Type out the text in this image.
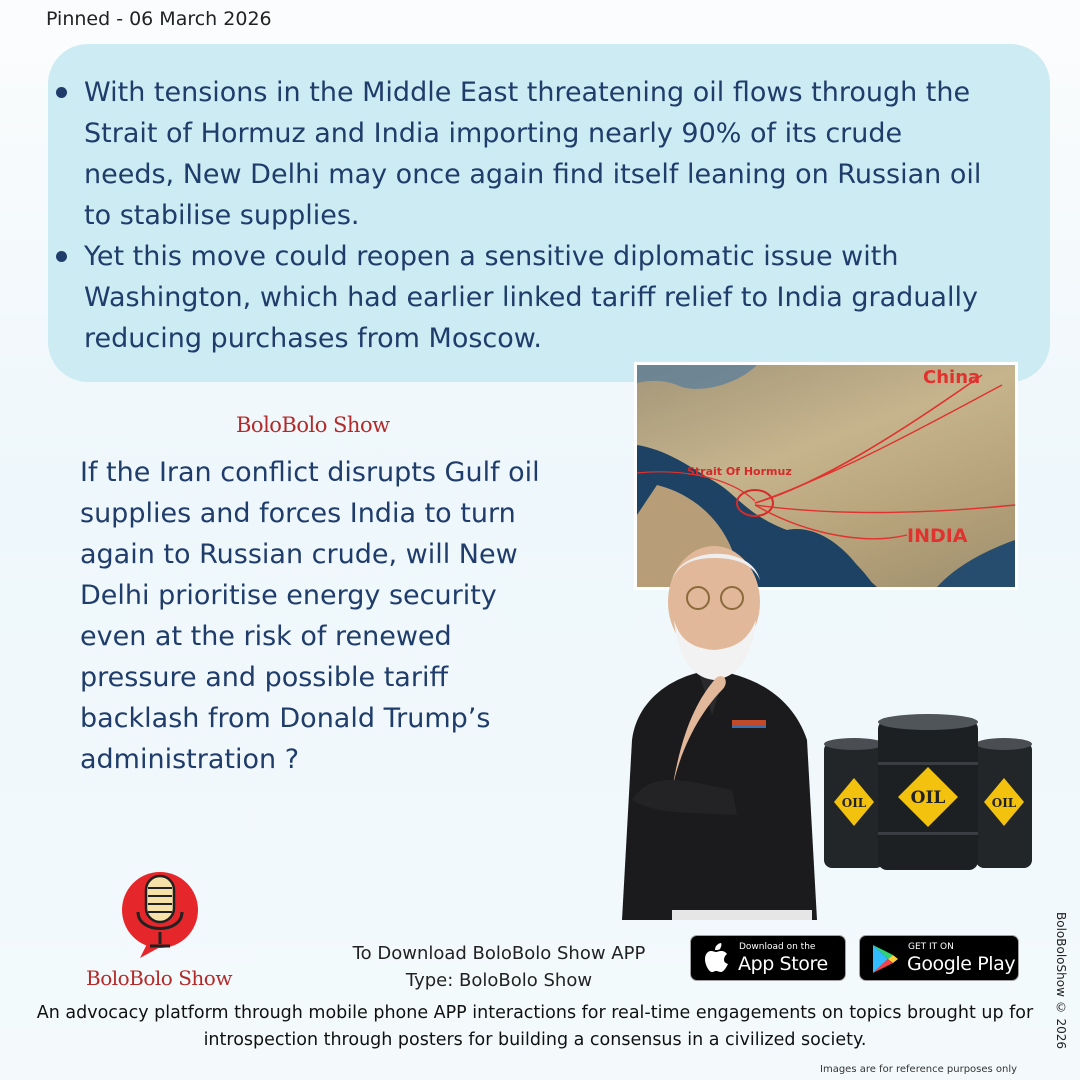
Pinned - 06 March 2026
With tensions in the Middle East threatening oil flows through the Strait of Hormuz and India importing nearly 90% of its crude needs, New Delhi may once again find itself leaning on Russian oil to stabilise supplies.
Yet this move could reopen a sensitive diplomatic issue with Washington, which had earlier linked tariff relief to India gradually reducing purchases from Moscow.
BoloBolo Show

If the Iran conflict disrupts Gulf oil supplies and forces India to turn again to Russian crude, will New Delhi prioritise energy security even at the risk of renewed pressure and possible tariff backlash from Donald Trump’s administration ?

China
Strait Of Hormuz
INDIA
OIL
OIL	OIL
BoloBolo Show
To Download BoloBolo Show APP
Type: BoloBolo Show
Download on the
App Store
GET IT ON
Google Play

An advocacy platform through mobile phone APP interactions for real-time engagements on topics brought up for introspection through posters for building a consensus in a civilized society.	BoloBoloShow © 2026
Images are for reference purposes only
